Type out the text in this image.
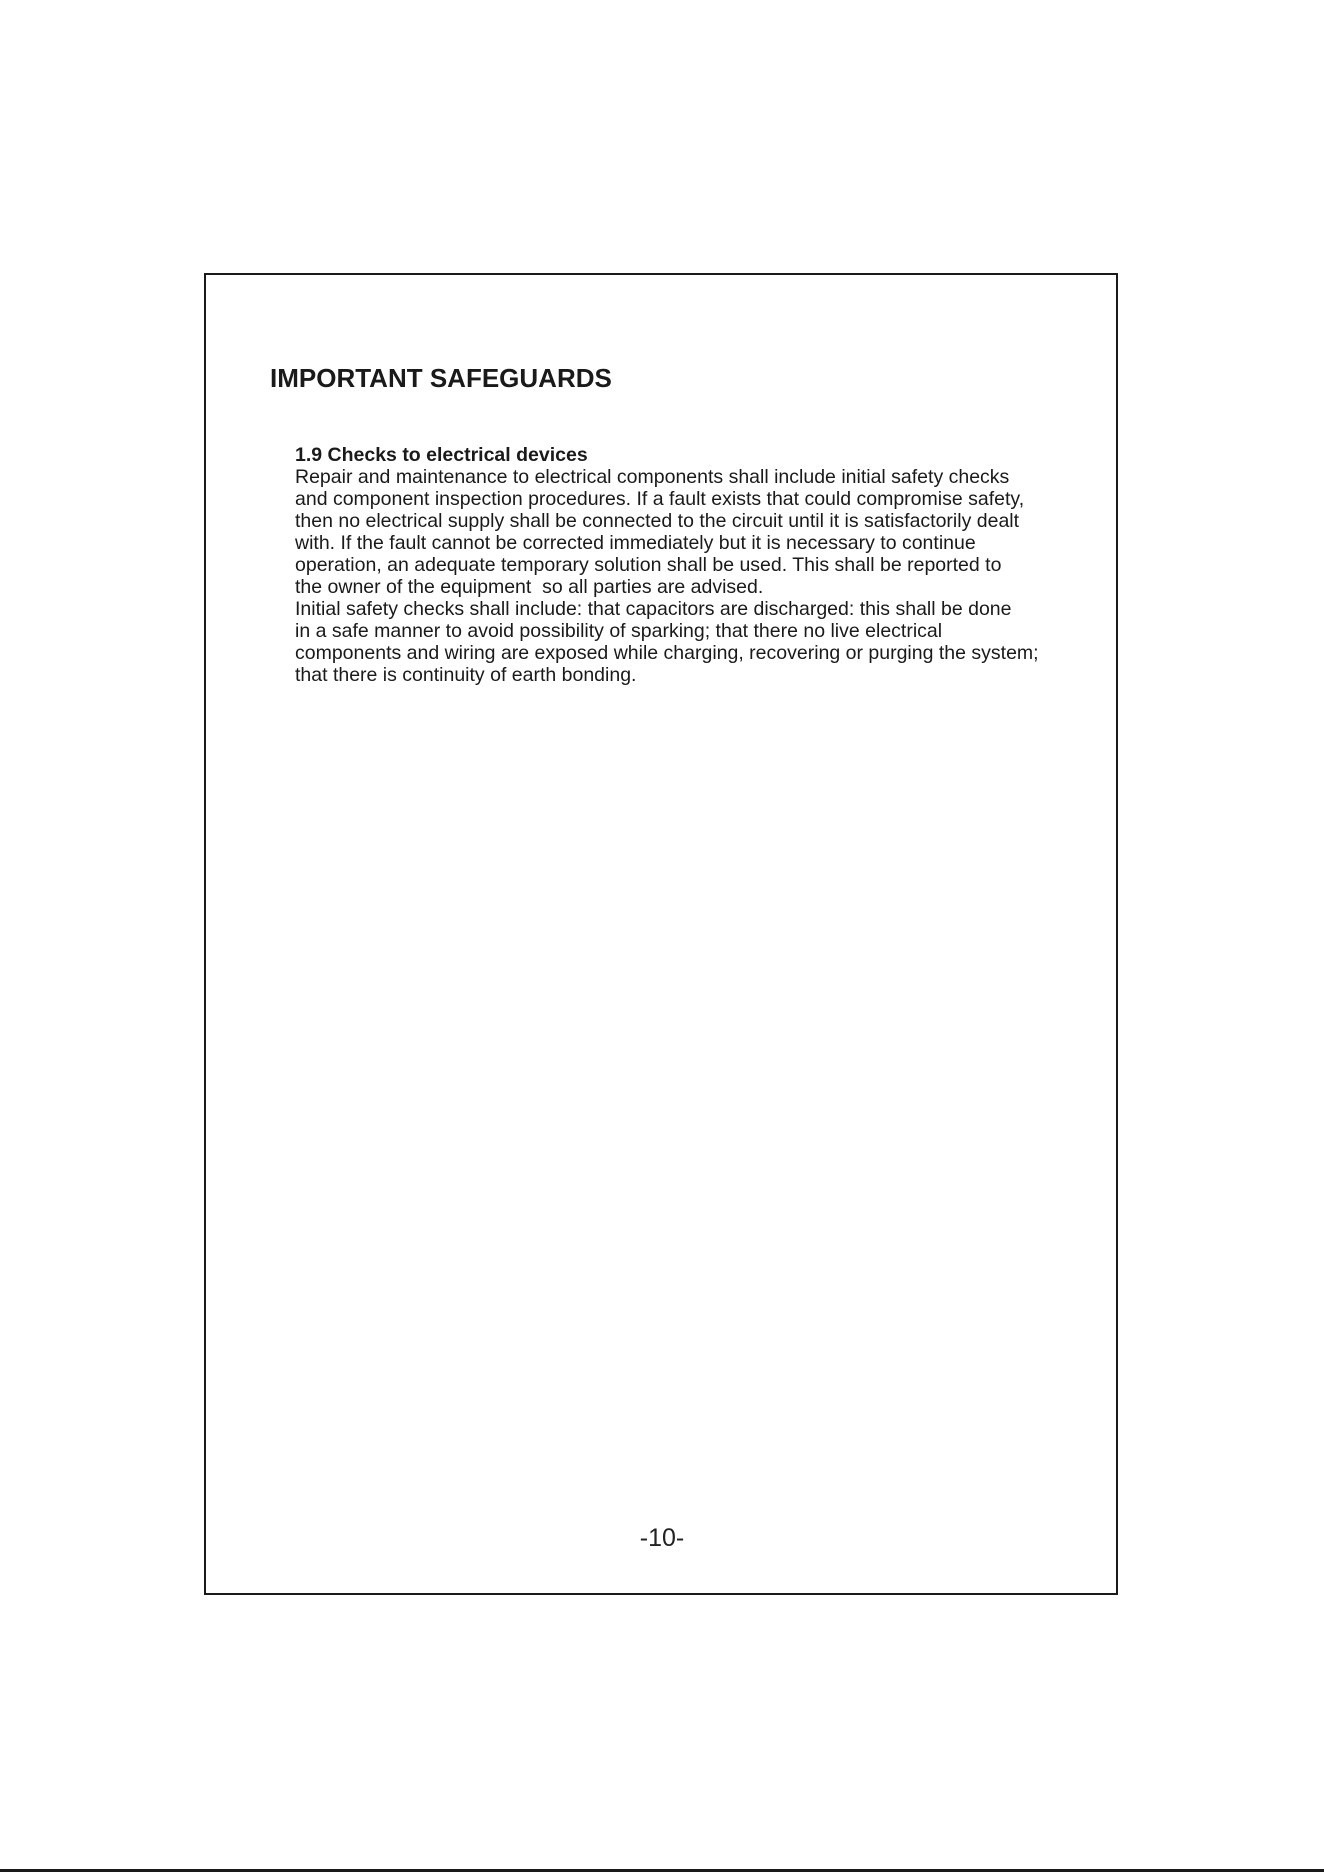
IMPORTANT SAFEGUARDS

1.9 Checks to electrical devices

Repair and maintenance to electrical components shall include initial safety checks

and component inspection procedures. If a fault exists that could compromise safety,

then no electrical supply shall be connected to the circuit until it is satisfactorily dealt

with. If the fault cannot be corrected immediately but it is necessary to continue

operation, an adequate temporary solution shall be used. This shall be reported to

the owner of the equipment  so all parties are advised.

Initial safety checks shall include: that capacitors are discharged: this shall be done

in a safe manner to avoid possibility of sparking; that there no live electrical

components and wiring are exposed while charging, recovering or purging the system;

that there is continuity of earth bonding.

-10-
